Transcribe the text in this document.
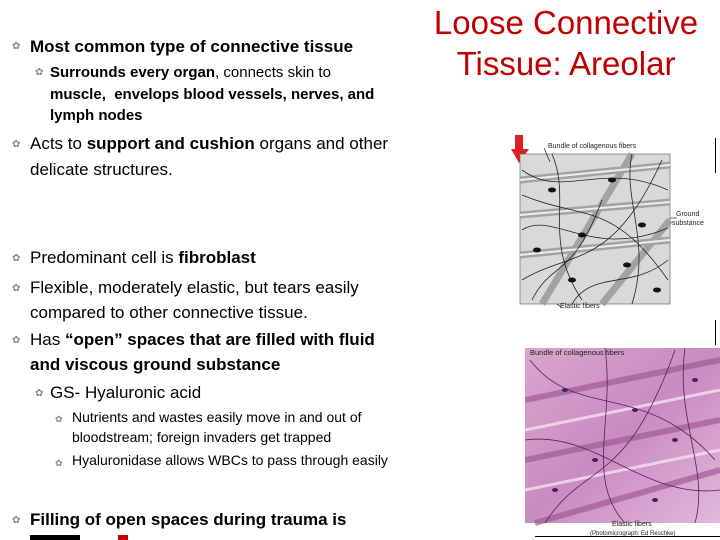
Loose Connective
Tissue: Areolar
✿ Most common type of connective tissue
✿ Surrounds every organ, connects skin to
muscle, envelops blood vessels, nerves, and
lymph nodes
✿ Acts to support and cushion organs and other
delicate structures.
✿ Predominant cell is fibroblast
✿ Flexible, moderately elastic, but tears easily
compared to other connective tissue.
✿ Has “open” spaces that are filled with fluid
and viscous ground substance
✿ GS- Hyaluronic acid
✿ Nutrients and wastes easily move in and out of
bloodstream; foreign invaders get trapped
✿ Hyaluronidase allows WBCs to pass through easily
✿ Filling of open spaces during trauma is
Bundle of collagenous fibers
Ground
substance
Elastic fibers
Bundle of collagenous fibers
Elastic fibers
(Photomicrograph: Ed Reschke)
